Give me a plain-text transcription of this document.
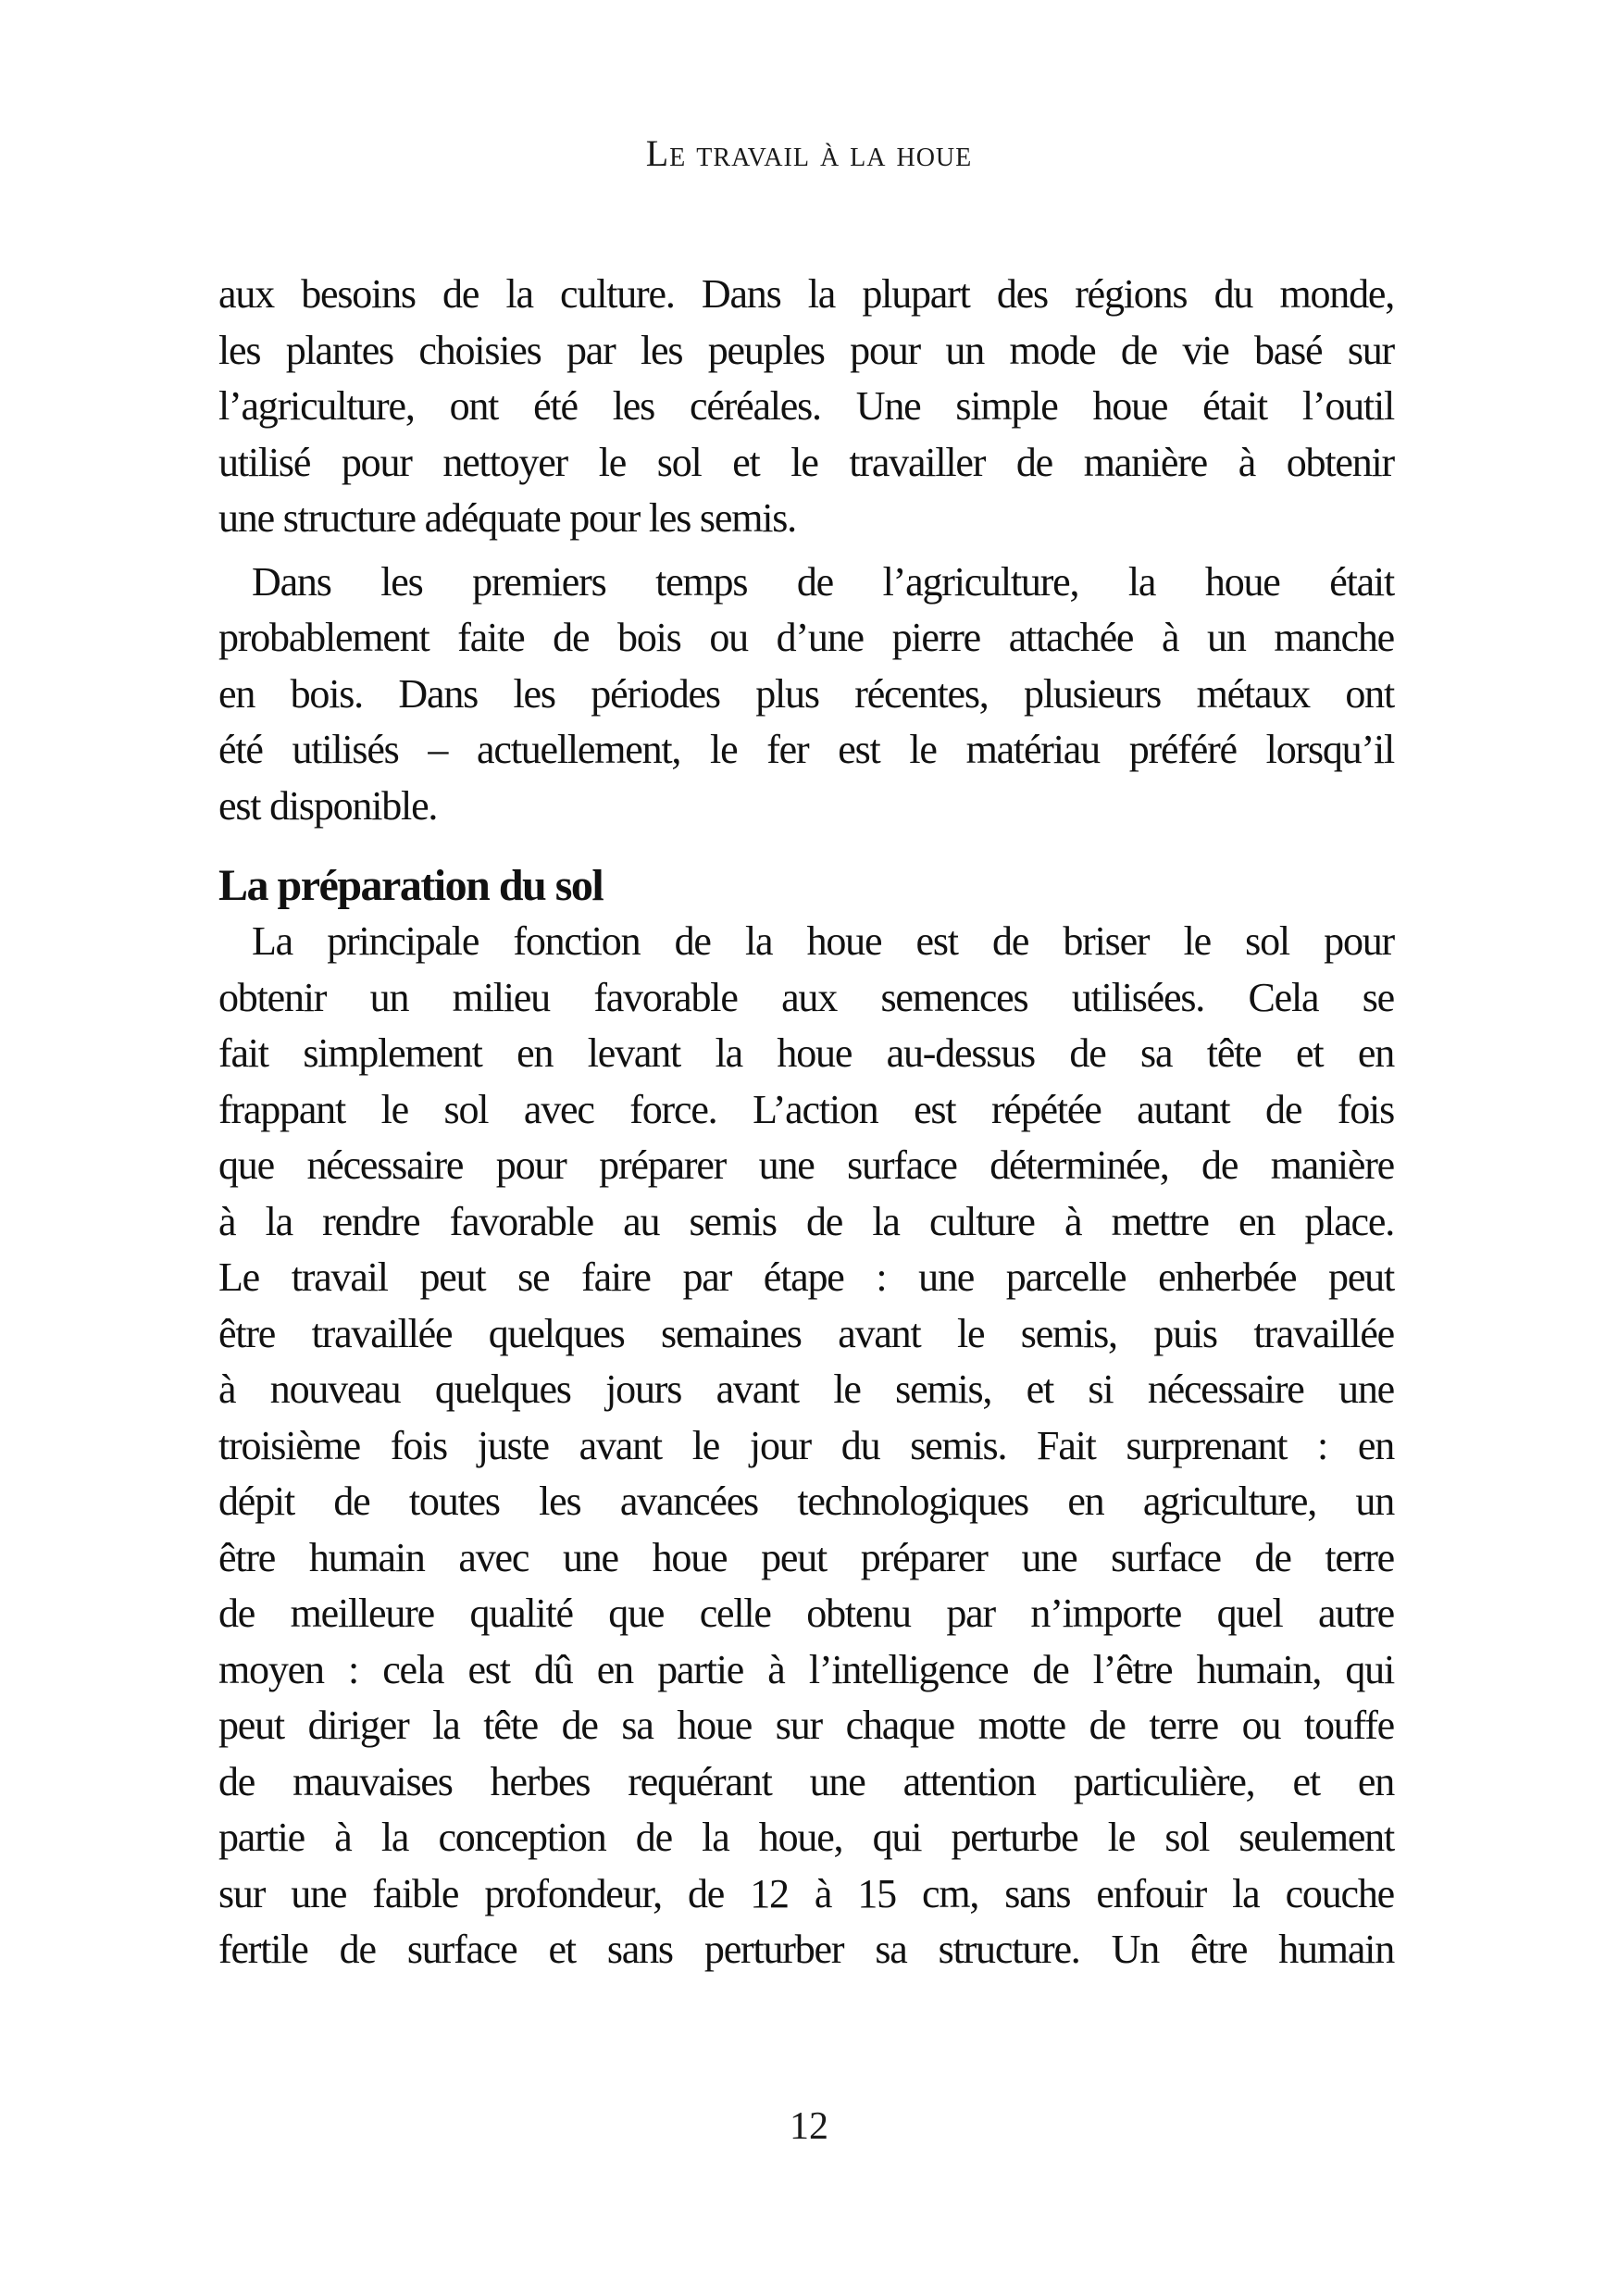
Le travail à la houe
aux besoins de la culture. Dans la plupart des régions du monde,
les plantes choisies par les peuples pour un mode de vie basé sur
l’agriculture, ont été les céréales. Une simple houe était l’outil
utilisé pour nettoyer le sol et le travailler de manière à obtenir
une structure adéquate pour les semis.
Dans les premiers temps de l’agriculture, la houe était
probablement faite de bois ou d’une pierre attachée à un manche
en bois. Dans les périodes plus récentes, plusieurs métaux ont
été utilisés – actuellement, le fer est le matériau préféré lorsqu’il
est disponible.
La préparation du sol
La principale fonction de la houe est de briser le sol pour
obtenir un milieu favorable aux semences utilisées. Cela se
fait simplement en levant la houe au-dessus de sa tête et en
frappant le sol avec force. L’action est répétée autant de fois
que nécessaire pour préparer une surface déterminée, de manière
à la rendre favorable au semis de la culture à mettre en place.
Le travail peut se faire par étape : une parcelle enherbée peut
être travaillée quelques semaines avant le semis, puis travaillée
à nouveau quelques jours avant le semis, et si nécessaire une
troisième fois juste avant le jour du semis. Fait surprenant : en
dépit de toutes les avancées technologiques en agriculture, un
être humain avec une houe peut préparer une surface de terre
de meilleure qualité que celle obtenu par n’importe quel autre
moyen : cela est dû en partie à l’intelligence de l’être humain, qui
peut diriger la tête de sa houe sur chaque motte de terre ou touffe
de mauvaises herbes requérant une attention particulière, et en
partie à la conception de la houe, qui perturbe le sol seulement
sur une faible profondeur, de 12 à 15 cm, sans enfouir la couche
fertile de surface et sans perturber sa structure. Un être humain
12
